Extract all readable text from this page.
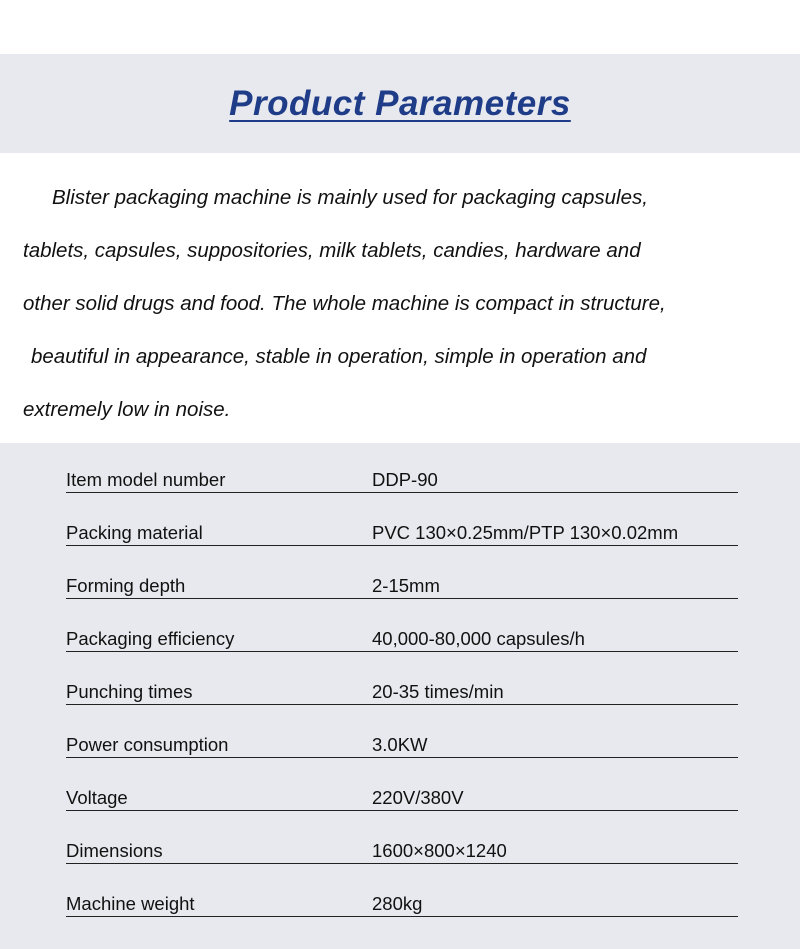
Product Parameters
Blister packaging machine is mainly used for packaging capsules,
tablets, capsules, suppositories, milk tablets, candies, hardware and
other solid drugs and food. The whole machine is compact in structure,
beautiful in appearance, stable in operation, simple in operation and
extremely low in noise.
Item model number	DDP-90
Packing material	PVC 130×0.25mm/PTP 130×0.02mm
Forming depth	2-15mm
Packaging efficiency	40,000-80,000 capsules/h
Punching times	20-35 times/min
Power consumption	3.0KW
Voltage	220V/380V
Dimensions	1600×800×1240
Machine weight	280kg
